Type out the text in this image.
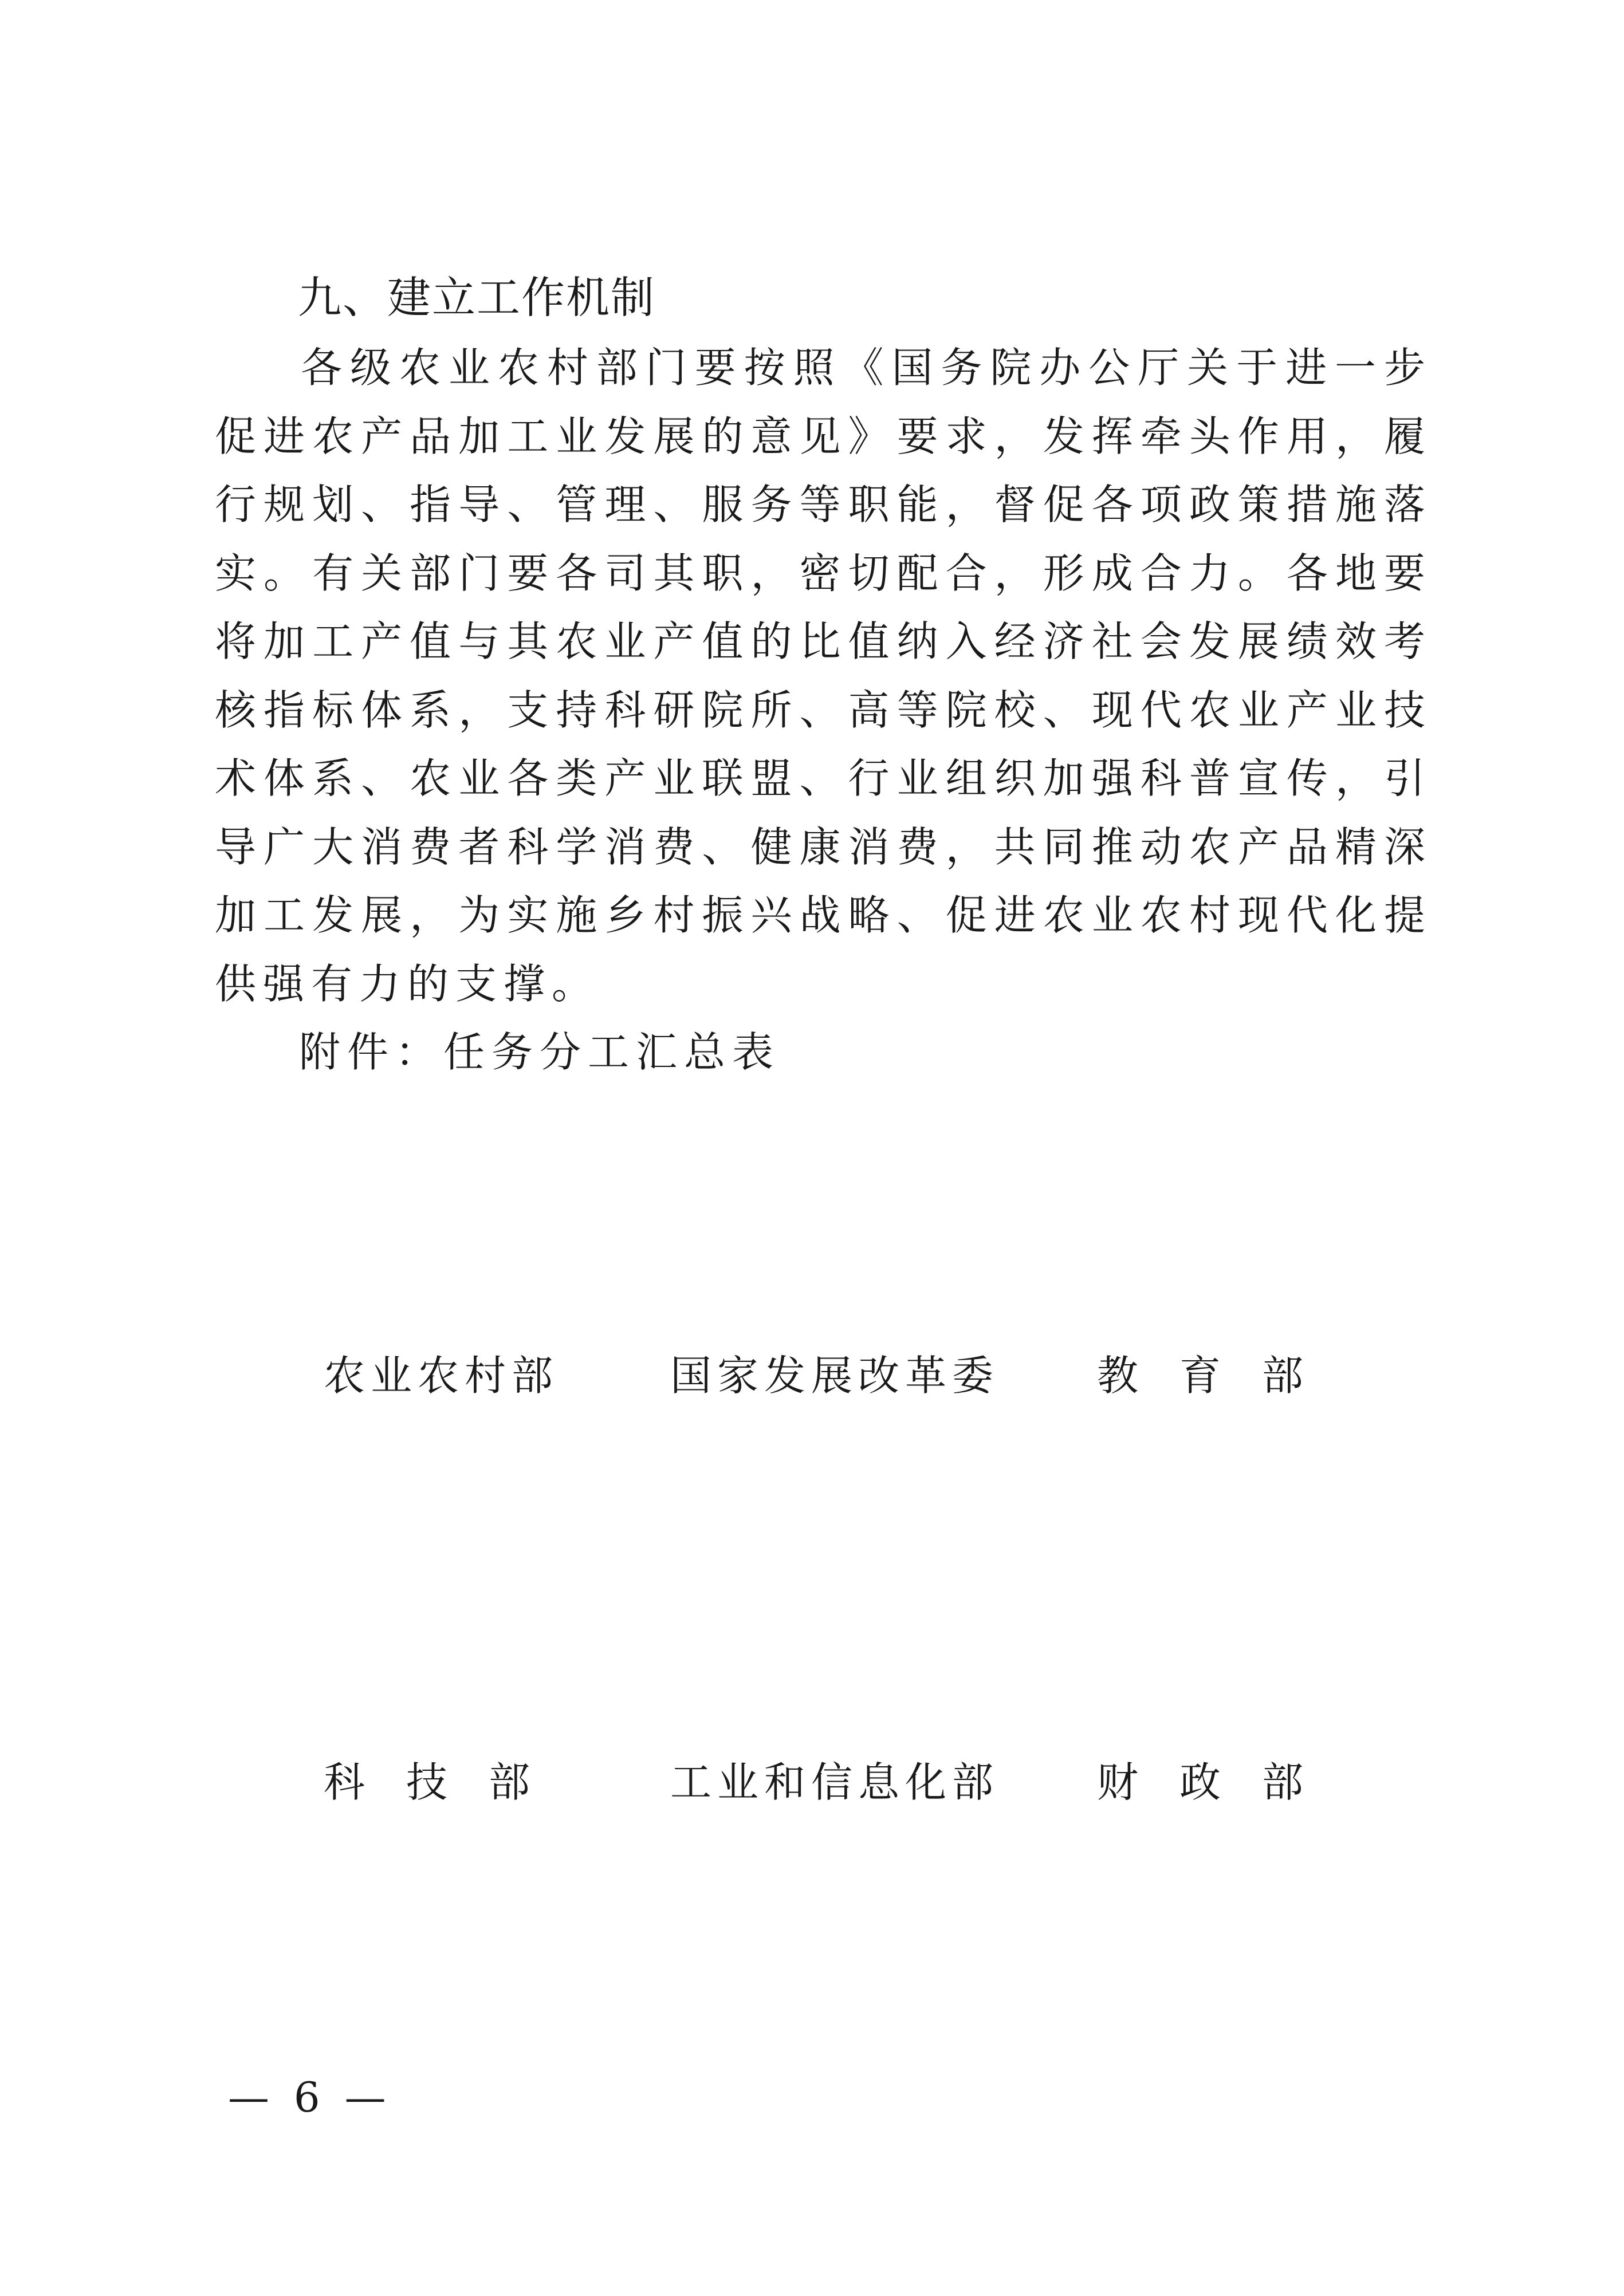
九、建立工作机制

各级农业农村部门要按照《国务院办公厅关于进一步促进农产品加工业发展的意见》要求，发挥牵头作用，履行规划、指导、管理、服务等职能，督促各项政策措施落实。有关部门要各司其职，密切配合，形成合力。各地要将加工产值与其农业产值的比值纳入经济社会发展绩效考核指标体系，支持科研院所、高等院校、现代农业产业技术体系、农业各类产业联盟、行业组织加强科普宣传，引导广大消费者科学消费、健康消费，共同推动农产品精深加工发展，为实施乡村振兴战略、促进农业农村现代化提供强有力的支撑。

附件：任务分工汇总表
农业农村部	国家发展改革委 教育部
科技部 工业和信息化部 财政部
— 6 —
